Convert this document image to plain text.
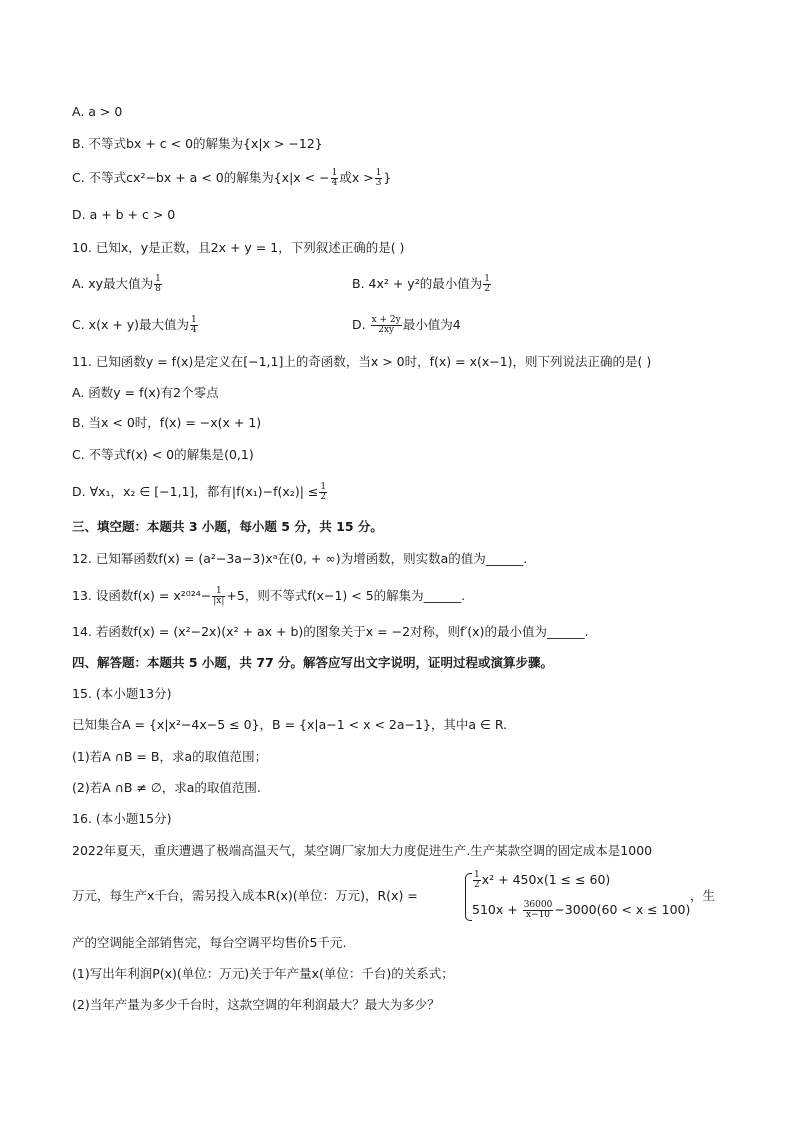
A. a > 0
B. 不等式bx + c < 0的解集为{x|x > −12}
C. 不等式cx²−bx + a < 0的解集为{x|x < − $\frac{1}{4}$ 或$x > \frac{1}{3}$ }
D. a + b + c > 0
10. 已知x，y是正数，且2x + y = 1，下列叙述正确的是( )
A. xy最大值为 $\frac{1}{8}$	B. 4x² + y²的最小值为 $\frac{1}{2}$
C. x(x + y)最大值为 $\frac{1}{4}$	D. $\frac{x + 2y}{2xy}$ 最小值为4
11. 已知函数y = f(x)是定义在[−1,1]上的奇函数，当x > 0时，f(x) = x(x−1)，则下列说法正确的是( )
A. 函数y = f(x)有2个零点
B. 当x < 0时，f(x) = −x(x + 1)
C. 不等式f(x) < 0的解集是(0,1)
D. ∀x₁，x₂ ∈ [−1,1]，都有$|f(x_1)-f(x_2)| \le \frac{1}{2}$
三、填空题：本题共 3 小题，每小题 5 分，共 15 分。
12. 已知幂函数f(x) = (a²−3a−3)xᵃ在(0, + ∞)为增函数，则实数a的值为______.
13. 设函数$f(x) = x^{2024}- \frac{1}{|x|} +5$，则不等式f(x−1) < 5的解集为______.
14. 若函数f(x) = (x²−2x)(x² + ax + b)的图象关于x = −2对称，则f′(x)的最小值为______.
四、解答题：本题共 5 小题，共 77 分。解答应写出文字说明，证明过程或演算步骤。
15. (本小题13分)
已知集合A = {x|x²−4x−5 ≤ 0}，B = {x|a−1 < x < 2a−1}，其中a ∈ R.
(1)若A ∩B = B，求a的取值范围；
(2)若A ∩B ≠ ∅，求a的取值范围.
16. (本小题15分)
2022年夏天，重庆遭遇了极端高温天气，某空调厂家加大力度促进生产.生产某款空调的固定成本是1000
万元，每生产x千台，需另投入成本R(x)(单位：万元)，R(x) =
$\frac{1}{2} x^2 + 450x(1$ ≤ ≤ 60)
$510x + \frac{36000}{x-10} -3000(60 < x \le 100)$
，生
产的空调能全部销售完，每台空调平均售价5千元.
(1)写出年利润P(x)(单位：万元)关于年产量x(单位：千台)的关系式；
(2)当年产量为多少千台时，这款空调的年利润最大？最大为多少？
